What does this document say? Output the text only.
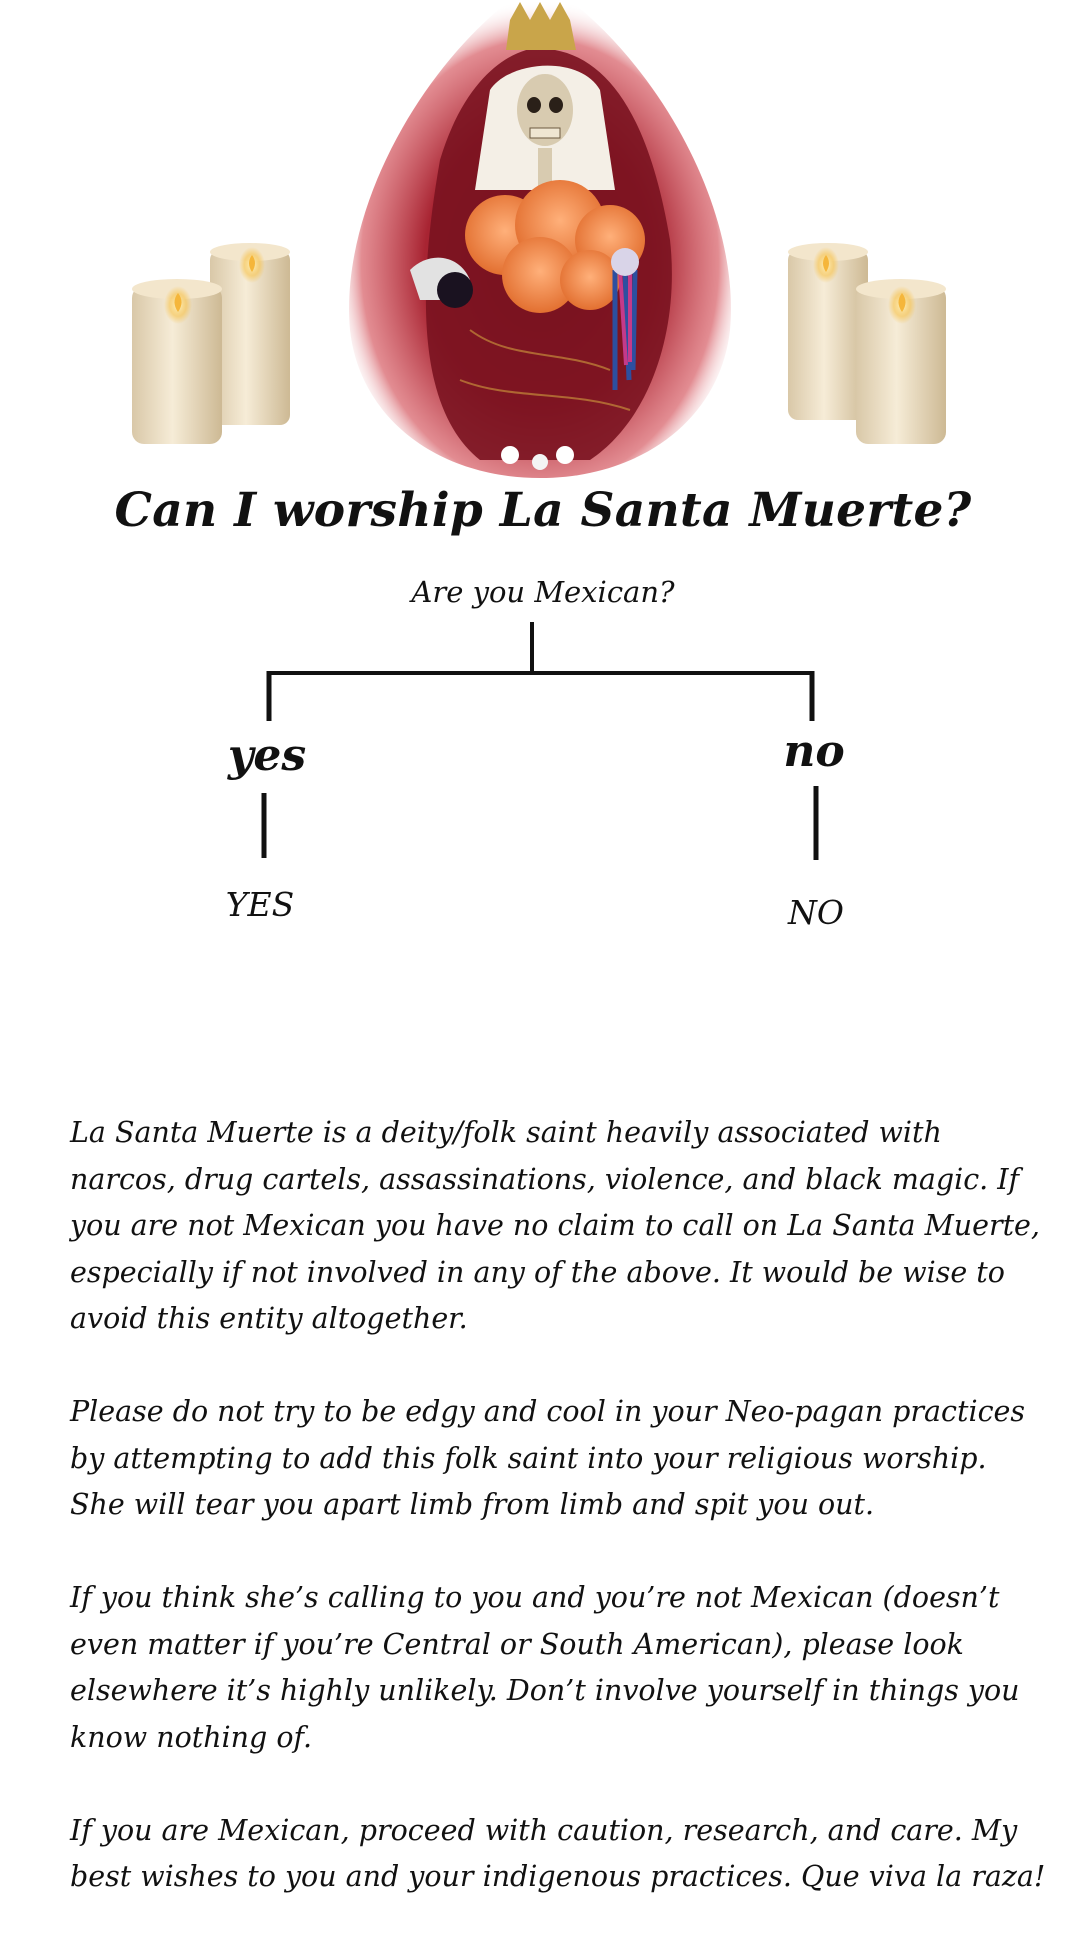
Can I worship La Santa Muerte?
Are you Mexican?
yes	no
YES	NO

La Santa Muerte is a deity/folk saint heavily associated with narcos, drug cartels, assassinations, violence, and black magic. If you are not Mexican you have no claim to call on La Santa Muerte, especially if not involved in any of the above. It would be wise to avoid this entity altogether.

Please do not try to be edgy and cool in your Neo-pagan practices by attempting to add this folk saint into your religious worship. She will tear you apart limb from limb and spit you out.

If you think she’s calling to you and you’re not Mexican (doesn’t even matter if you’re Central or South American), please look elsewhere it’s highly unlikely. Don’t involve yourself in things you know nothing of.

If you are Mexican, proceed with caution, research, and care. My best wishes to you and your indigenous practices. Que viva la raza!
